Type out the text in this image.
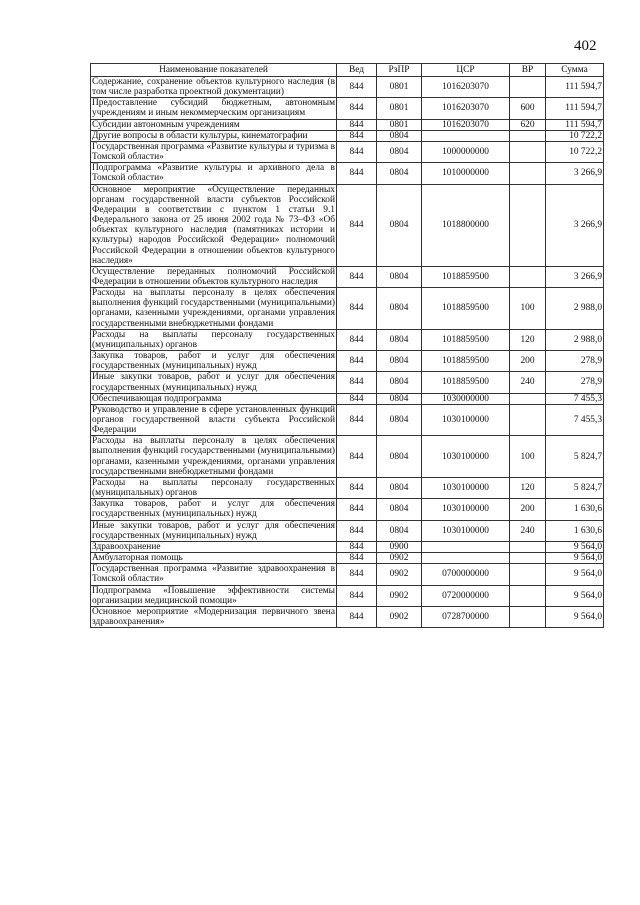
402
Наименование показателей	Вед	РзПР	ЦСР	ВР	Сумма
Содержание, сохранение объектов культурного наследия (в том числе разработка проектной документации)	844	0801	1016203070		111 594,7
Предоставление субсидий бюджетным, автономным учреждениям и иным некоммерческим организациям	844	0801	1016203070	600	111 594,7
Субсидии автономным учреждениям	844	0801	1016203070	620	111 594,7
Другие вопросы в области культуры, кинематографии	844	0804			10 722,2
Государственная программа «Развитие культуры и туризма в Томской области»	844	0804	1000000000		10 722,2
Подпрограмма «Развитие культуры и архивного дела в Томской области»	844	0804	1010000000		3 266,9
Основное мероприятие «Осуществление переданных органам государственной власти субъектов Российской Федерации в соответствии с пунктом 1 статьи 9.1 Федерального закона от 25 июня 2002 года № 73–ФЗ «Об объектах культурного наследия (памятниках истории и культуры) народов Российской Федерации» полномочий Российской Федерации в отношении объектов культурного наследия»	844	0804	1018800000		3 266,9
Осуществление переданных полномочий Российской Федерации в отношении объектов культурного наследия	844	0804	1018859500		3 266,9
Расходы на выплаты персоналу в целях обеспечения выполнения функций государственными (муниципальными) органами, казенными учреждениями, органами управления государственными внебюджетными фондами	844	0804	1018859500	100	2 988,0
Расходы на выплаты персоналу государственных (муниципальных) органов	844	0804	1018859500	120	2 988,0
Закупка товаров, работ и услуг для обеспечения государственных (муниципальных) нужд	844	0804	1018859500	200	278,9
Иные закупки товаров, работ и услуг для обеспечения государственных (муниципальных) нужд	844	0804	1018859500	240	278,9
Обеспечивающая подпрограмма	844	0804	1030000000		7 455,3
Руководство и управление в сфере установленных функций органов государственной власти субъекта Российской Федерации	844	0804	1030100000		7 455,3
Расходы на выплаты персоналу в целях обеспечения выполнения функций государственными (муниципальными) органами, казенными учреждениями, органами управления государственными внебюджетными фондами	844	0804	1030100000	100	5 824,7
Расходы на выплаты персоналу государственных (муниципальных) органов	844	0804	1030100000	120	5 824,7
Закупка товаров, работ и услуг для обеспечения государственных (муниципальных) нужд	844	0804	1030100000	200	1 630,6
Иные закупки товаров, работ и услуг для обеспечения государственных (муниципальных) нужд	844	0804	1030100000	240	1 630,6
Здравоохранение	844	0900			9 564,0
Амбулаторная помощь	844	0902			9 564,0
Государственная программа «Развитие здравоохранения в Томской области»	844	0902	0700000000		9 564,0
Подпрограмма «Повышение эффективности системы организации медицинской помощи»	844	0902	0720000000		9 564,0
Основное мероприятие «Модернизация первичного звена здравоохранения»	844	0902	0728700000		9 564,0
